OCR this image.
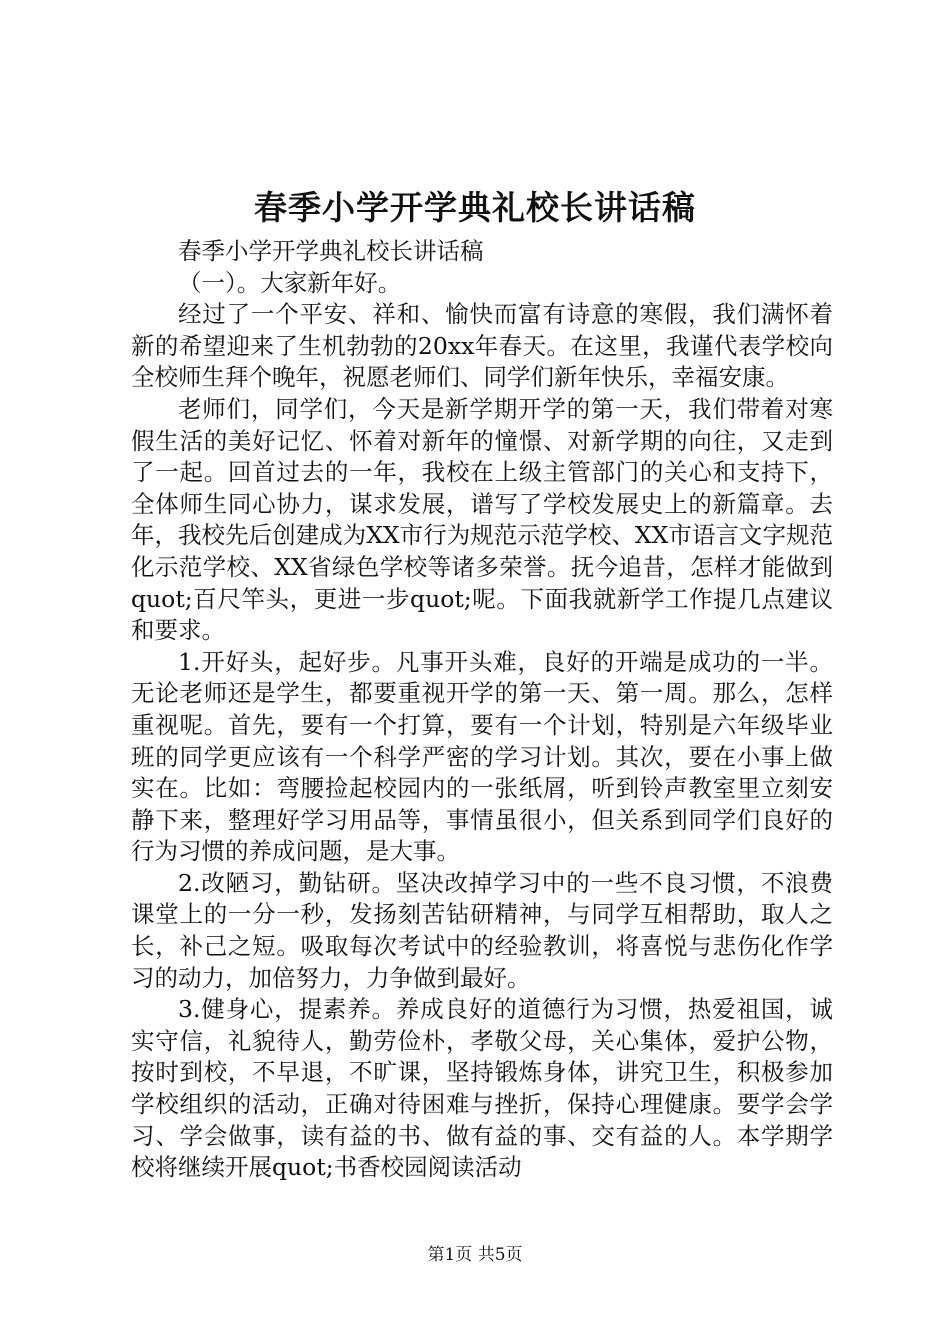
春季小学开学典礼校长讲话稿

春季小学开学典礼校长讲话稿

（一）。大家新年好。

经过了一个平安、祥和、愉快而富有诗意的寒假，我们满怀着新的希望迎来了生机勃勃的20xx年春天。在这里，我谨代表学校向全校师生拜个晚年，祝愿老师们、同学们新年快乐，幸福安康。

老师们，同学们，今天是新学期开学的第一天，我们带着对寒假生活的美好记忆、怀着对新年的憧憬、对新学期的向往，又走到了一起。回首过去的一年，我校在上级主管部门的关心和支持下，全体师生同心协力，谋求发展，谱写了学校发展史上的新篇章。去年，我校先后创建成为XX市行为规范示范学校、XX市语言文字规范化示范学校、XX省绿色学校等诸多荣誉。抚今追昔，怎样才能做到quot;百尺竿头，更进一步quot;呢。下面我就新学工作提几点建议和要求。

1.开好头，起好步。凡事开头难，良好的开端是成功的一半。无论老师还是学生，都要重视开学的第一天、第一周。那么，怎样重视呢。首先，要有一个打算，要有一个计划，特别是六年级毕业班的同学更应该有一个科学严密的学习计划。其次，要在小事上做实在。比如：弯腰捡起校园内的一张纸屑，听到铃声教室里立刻安静下来，整理好学习用品等，事情虽很小，但关系到同学们良好的行为习惯的养成问题，是大事。

2.改陋习，勤钻研。坚决改掉学习中的一些不良习惯，不浪费课堂上的一分一秒，发扬刻苦钻研精神，与同学互相帮助，取人之长，补己之短。吸取每次考试中的经验教训，将喜悦与悲伤化作学习的动力，加倍努力，力争做到最好。

3.健身心，提素养。养成良好的道德行为习惯，热爱祖国，诚实守信，礼貌待人，勤劳俭朴，孝敬父母，关心集体，爱护公物，按时到校，不早退，不旷课，坚持锻炼身体，讲究卫生，积极参加学校组织的活动，正确对待困难与挫折，保持心理健康。要学会学习、学会做事，读有益的书、做有益的事、交有益的人。本学期学校将继续开展quot;书香校园阅读活动

第1页 共5页
